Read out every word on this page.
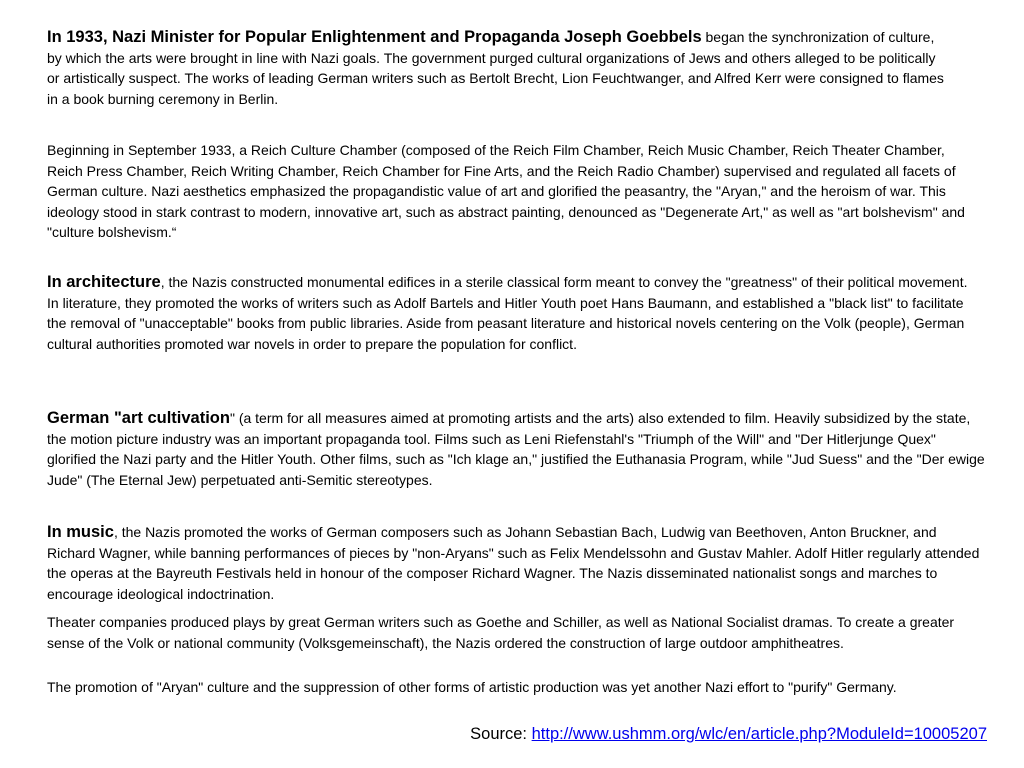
In 1933, Nazi Minister for Popular Enlightenment and Propaganda Joseph Goebbels began the synchronization of culture, by which the arts were brought in line with Nazi goals. The government purged cultural organizations of Jews and others alleged to be politically or artistically suspect. The works of leading German writers such as Bertolt Brecht, Lion Feuchtwanger, and Alfred Kerr were consigned to flames in a book burning ceremony in Berlin.

Beginning in September 1933, a Reich Culture Chamber (composed of the Reich Film Chamber, Reich Music Chamber, Reich Theater Chamber, Reich Press Chamber, Reich Writing Chamber, Reich Chamber for Fine Arts, and the Reich Radio Chamber) supervised and regulated all facets of German culture. Nazi aesthetics emphasized the propagandistic value of art and glorified the peasantry, the "Aryan," and the heroism of war. This ideology stood in stark contrast to modern, innovative art, such as abstract painting, denounced as "Degenerate Art," as well as "art bolshevism" and "culture bolshevism.“

In architecture, the Nazis constructed monumental edifices in a sterile classical form meant to convey the "greatness" of their political movement. In literature, they promoted the works of writers such as Adolf Bartels and Hitler Youth poet Hans Baumann, and established a "black list" to facilitate the removal of "unacceptable" books from public libraries. Aside from peasant literature and historical novels centering on the Volk (people), German cultural authorities promoted war novels in order to prepare the population for conflict.

German "art cultivation" (a term for all measures aimed at promoting artists and the arts) also extended to film. Heavily subsidized by the state, the motion picture industry was an important propaganda tool. Films such as Leni Riefenstahl's "Triumph of the Will" and "Der Hitlerjunge Quex" glorified the Nazi party and the Hitler Youth. Other films, such as "Ich klage an," justified the Euthanasia Program, while "Jud Suess" and the "Der ewige Jude" (The Eternal Jew) perpetuated anti-Semitic stereotypes.

In music, the Nazis promoted the works of German composers such as Johann Sebastian Bach, Ludwig van Beethoven, Anton Bruckner, and Richard Wagner, while banning performances of pieces by "non-Aryans" such as Felix Mendelssohn and Gustav Mahler. Adolf Hitler regularly attended the operas at the Bayreuth Festivals held in honour of the composer Richard Wagner. The Nazis disseminated nationalist songs and marches to encourage ideological indoctrination.

Theater companies produced plays by great German writers such as Goethe and Schiller, as well as National Socialist dramas. To create a greater sense of the Volk or national community (Volksgemeinschaft), the Nazis ordered the construction of large outdoor amphitheatres.

The promotion of "Aryan" culture and the suppression of other forms of artistic production was yet another Nazi effort to "purify" Germany.

Source: http://www.ushmm.org/wlc/en/article.php?ModuleId=10005207
